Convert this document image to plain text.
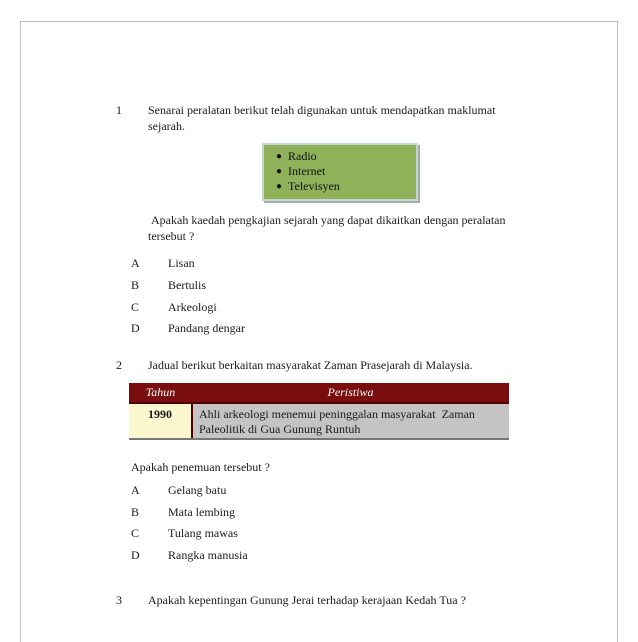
1 Senarai peralatan berikut telah digunakan untuk mendapatkan maklumat
sejarah.
● Radio
● Internet
● Televisyen
Apakah kaedah pengkajian sejarah yang dapat dikaitkan dengan peralatan
tersebut ?
A Lisan
B Bertulis
C Arkeologi
D Pandang dengar
2 Jadual berikut berkaitan masyarakat Zaman Prasejarah di Malaysia.
Tahun	Peristiwa
1990	Ahli arkeologi menemui peninggalan masyarakat  Zaman
Paleolitik di Gua Gunung Runtuh
Apakah penemuan tersebut ?
A Gelang batu
B Mata lembing
C Tulang mawas
D Rangka manusia
3 Apakah kepentingan Gunung Jerai terhadap kerajaan Kedah Tua ?
